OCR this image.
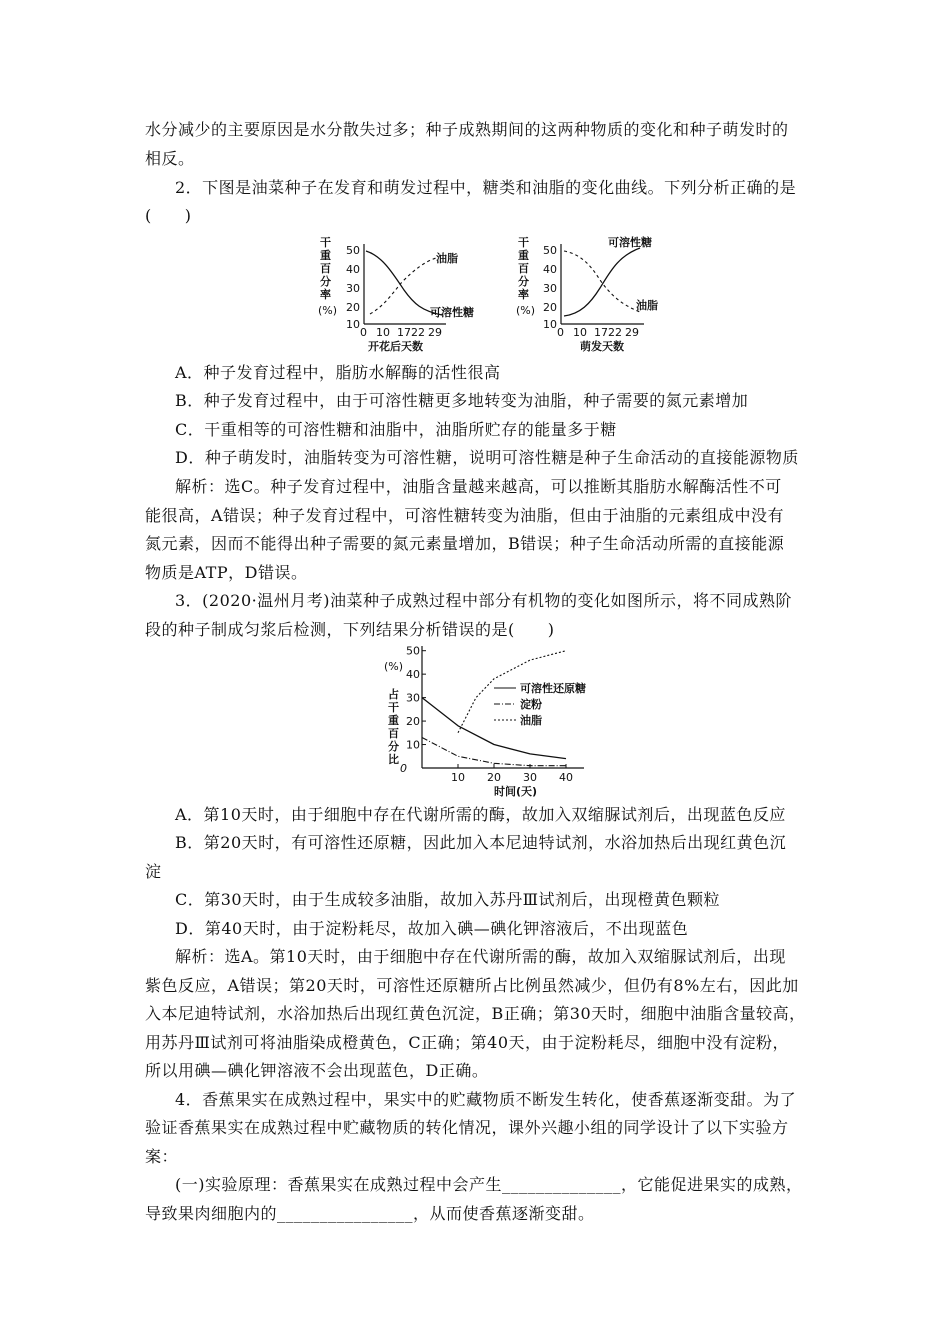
水分减少的主要原因是水分散失过多；种子成熟期间的这两种物质的变化和种子萌发时的
相反。
2．下图是油菜种子在发育和萌发过程中，糖类和油脂的变化曲线。下列分析正确的是
(　　)
干
重
百
分
率
(%)
50
40
30
20
10
0 10 17 22 29
开花后天数
油脂
可溶性糖
干
重
百
分
率
(%)
50
40
30
20
10
0 10 17 22 29
萌发天数
可溶性糖
油脂
A．种子发育过程中，脂肪水解酶的活性很高
B．种子发育过程中，由于可溶性糖更多地转变为油脂，种子需要的氮元素增加
C．干重相等的可溶性糖和油脂中，油脂所贮存的能量多于糖
D．种子萌发时，油脂转变为可溶性糖，说明可溶性糖是种子生命活动的直接能源物质
解析：选C。种子发育过程中，油脂含量越来越高，可以推断其脂肪水解酶活性不可
能很高，A错误；种子发育过程中，可溶性糖转变为油脂，但由于油脂的元素组成中没有
氮元素，因而不能得出种子需要的氮元素量增加，B错误；种子生命活动所需的直接能源
物质是ATP，D错误。
3．(2020·温州月考)油菜种子成熟过程中部分有机物的变化如图所示，将不同成熟阶
段的种子制成匀浆后检测，下列结果分析错误的是(　　)
占
干
重
百
分
比
(%)
10
20
30
40
50
10 20 30 40
0
时间(天)
可溶性还原糖
淀粉
油脂
A．第10天时，由于细胞中存在代谢所需的酶，故加入双缩脲试剂后，出现蓝色反应
B．第20天时，有可溶性还原糖，因此加入本尼迪特试剂，水浴加热后出现红黄色沉
淀
C．第30天时，由于生成较多油脂，故加入苏丹Ⅲ试剂后，出现橙黄色颗粒
D．第40天时，由于淀粉耗尽，故加入碘—碘化钾溶液后，不出现蓝色
解析：选A。第10天时，由于细胞中存在代谢所需的酶，故加入双缩脲试剂后，出现
紫色反应，A错误；第20天时，可溶性还原糖所占比例虽然减少，但仍有8%左右，因此加
入本尼迪特试剂，水浴加热后出现红黄色沉淀，B正确；第30天时，细胞中油脂含量较高，
用苏丹Ⅲ试剂可将油脂染成橙黄色，C正确；第40天，由于淀粉耗尽，细胞中没有淀粉，
所以用碘—碘化钾溶液不会出现蓝色，D正确。
4．香蕉果实在成熟过程中，果实中的贮藏物质不断发生转化，使香蕉逐渐变甜。为了
验证香蕉果实在成熟过程中贮藏物质的转化情况，课外兴趣小组的同学设计了以下实验方
案：
(一)实验原理：香蕉果实在成熟过程中会产生______________，它能促进果实的成熟，
导致果肉细胞内的________________，从而使香蕉逐渐变甜。
